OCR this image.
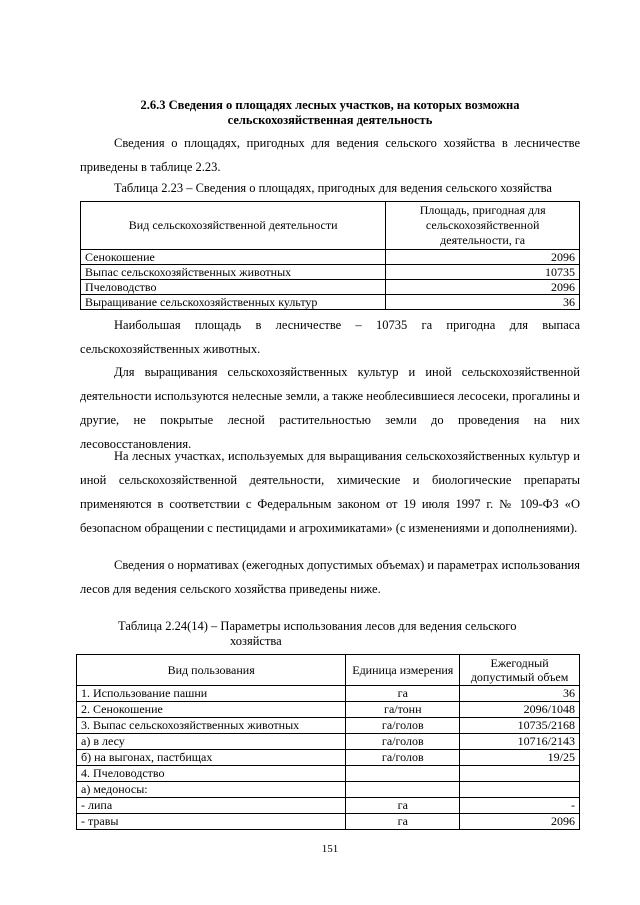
2.6.3 Сведения о площадях лесных участков, на которых возможна
сельскохозяйственная деятельность
Сведения о площадях, пригодных для ведения сельского хозяйства в лесничестве приведены в таблице 2.23.
Таблица 2.23 – Сведения о площадях, пригодных для ведения сельского хозяйства
Вид сельскохозяйственной деятельности	Площадь, пригодная для сельскохозяйственной деятельности, га
Сенокошение	2096
Выпас сельскохозяйственных животных	10735
Пчеловодство	2096
Выращивание сельскохозяйственных культур	36
Наибольшая площадь в лесничестве – 10735 га пригодна для выпаса сельскохозяйственных животных.
Для выращивания сельскохозяйственных культур и иной сельскохозяйственной деятельности используются нелесные земли, а также необлесившиеся лесосеки, прогалины и другие, не покрытые лесной растительностью земли до проведения на них лесовосстановления.
На лесных участках, используемых для выращивания сельскохозяйственных культур и иной сельскохозяйственной деятельности, химические и биологические препараты применяются в соответствии с Федеральным законом от 19 июля 1997 г. № 109-ФЗ «О безопасном обращении с пестицидами и агрохимикатами» (с изменениями и дополнениями).
Сведения о нормативах (ежегодных допустимых объемах) и параметрах использования лесов для ведения сельского хозяйства приведены ниже.
Таблица 2.24(14) – Параметры использования лесов для ведения сельского
хозяйства
Вид пользования	Единица измерения	Ежегодный допустимый объем
1. Использование пашни	га	36
2. Сенокошение	га/тонн	2096/1048
3. Выпас сельскохозяйственных животных	га/голов	10735/2168
а) в лесу	га/голов	10716/2143
б) на выгонах, пастбищах	га/голов	19/25
4. Пчеловодство		
а) медоносы:		
- липа	га	-
- травы	га	2096
151
